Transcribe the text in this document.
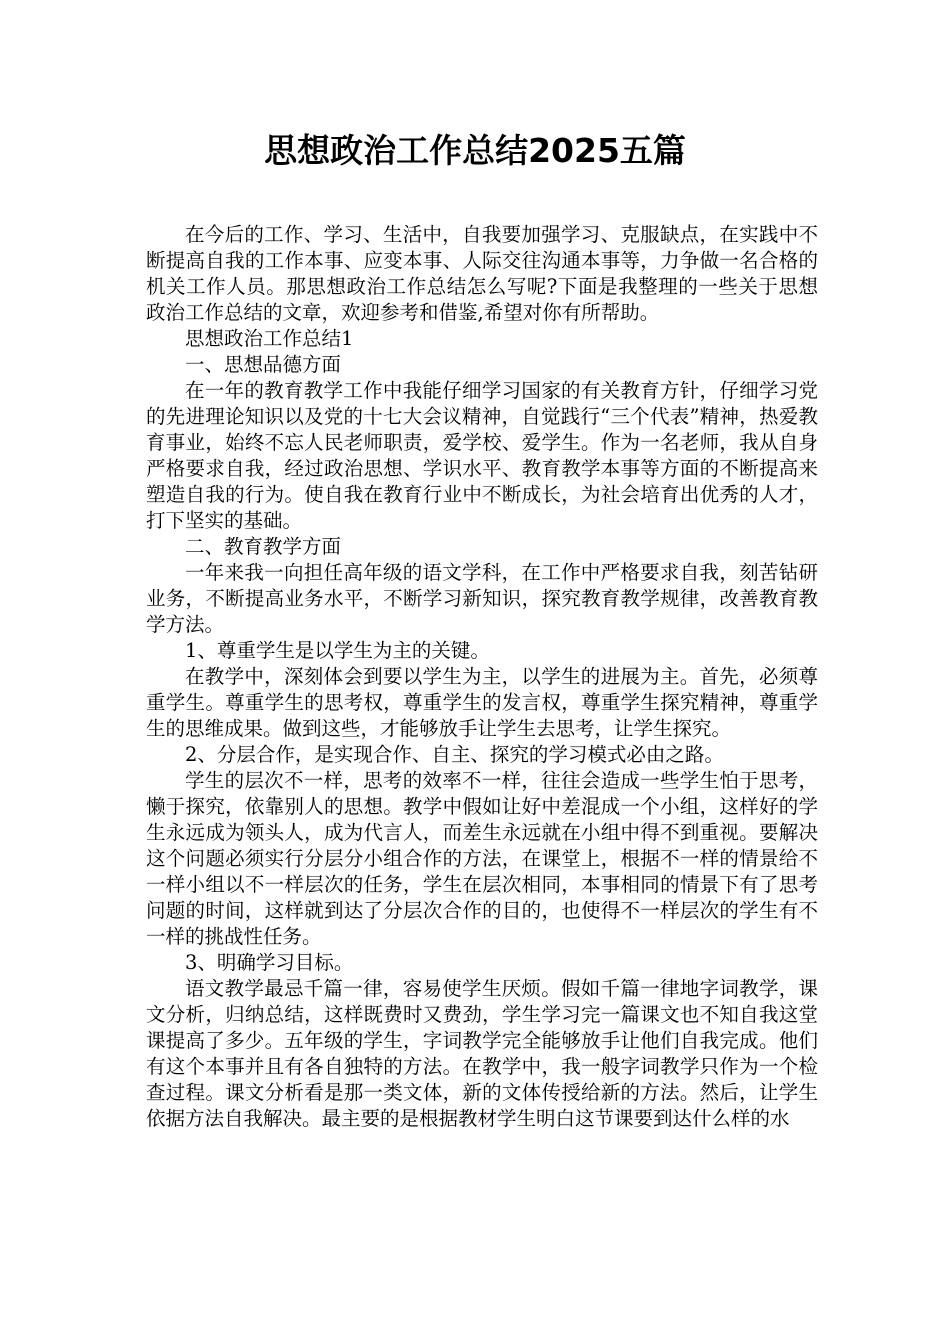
思想政治工作总结2025五篇

在今后的工作、学习、生活中，自我要加强学习、克服缺点，在实践中不断提高自我的工作本事、应变本事、人际交往沟通本事等，力争做一名合格的机关工作人员。那思想政治工作总结怎么写呢?下面是我整理的一些关于思想政治工作总结的文章，欢迎参考和借鉴,希望对你有所帮助。

思想政治工作总结1

一、思想品德方面

在一年的教育教学工作中我能仔细学习国家的有关教育方针，仔细学习党的先进理论知识以及党的十七大会议精神，自觉践行“三个代表”精神，热爱教育事业，始终不忘人民老师职责，爱学校、爱学生。作为一名老师，我从自身严格要求自我，经过政治思想、学识水平、教育教学本事等方面的不断提高来塑造自我的行为。使自我在教育行业中不断成长，为社会培育出优秀的人才，打下坚实的基础。

二、教育教学方面

一年来我一向担任高年级的语文学科，在工作中严格要求自我，刻苦钻研业务，不断提高业务水平，不断学习新知识，探究教育教学规律，改善教育教学方法。

1、尊重学生是以学生为主的关键。

在教学中，深刻体会到要以学生为主，以学生的进展为主。首先，必须尊重学生。尊重学生的思考权，尊重学生的发言权，尊重学生探究精神，尊重学生的思维成果。做到这些，才能够放手让学生去思考，让学生探究。

2、分层合作，是实现合作、自主、探究的学习模式必由之路。

学生的层次不一样，思考的效率不一样，往往会造成一些学生怕于思考，懒于探究，依靠别人的思想。教学中假如让好中差混成一个小组，这样好的学生永远成为领头人，成为代言人，而差生永远就在小组中得不到重视。要解决这个问题必须实行分层分小组合作的方法，在课堂上，根据不一样的情景给不一样小组以不一样层次的任务，学生在层次相同，本事相同的情景下有了思考问题的时间，这样就到达了分层次合作的目的，也使得不一样层次的学生有不一样的挑战性任务。

3、明确学习目标。

语文教学最忌千篇一律，容易使学生厌烦。假如千篇一律地字词教学，课文分析，归纳总结，这样既费时又费劲，学生学习完一篇课文也不知自我这堂课提高了多少。五年级的学生，字词教学完全能够放手让他们自我完成。他们有这个本事并且有各自独特的方法。在教学中，我一般字词教学只作为一个检查过程。课文分析看是那一类文体，新的文体传授给新的方法。然后，让学生依据方法自我解决。最主要的是根据教材学生明白这节课要到达什么样的水
